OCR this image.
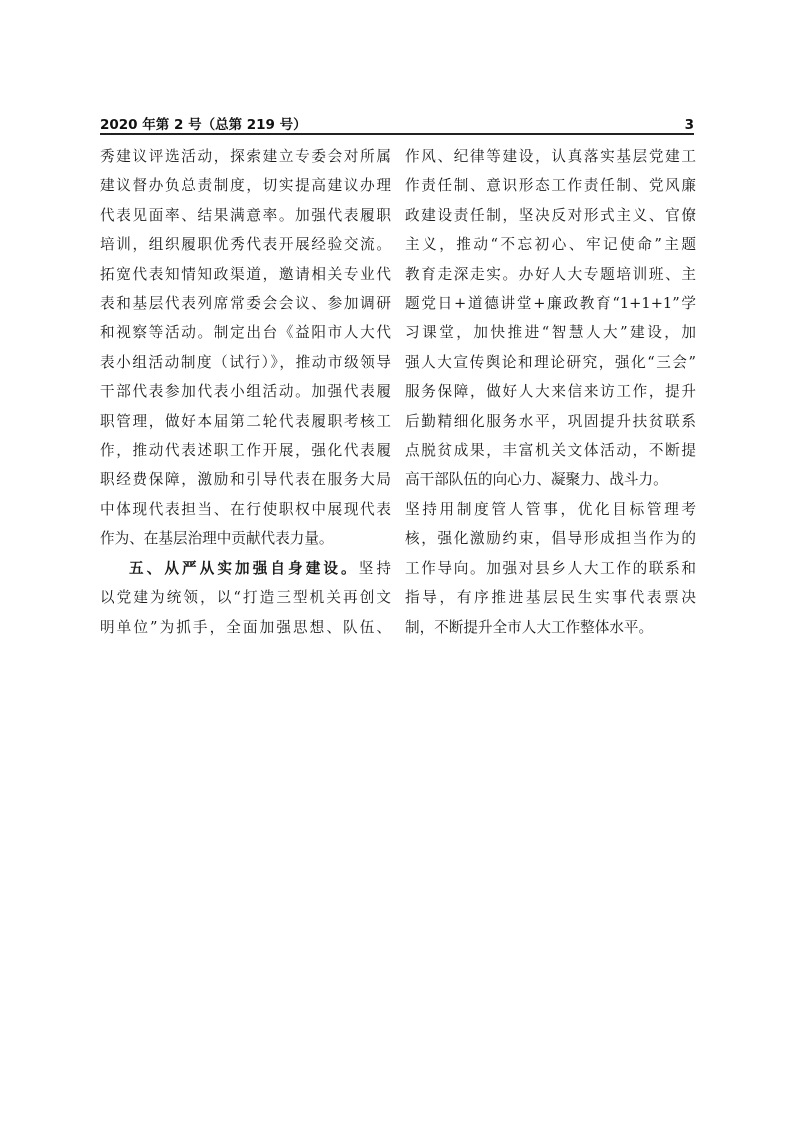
2020 年第 2 号（总第 219 号）	3

秀建议评选活动，探索建立专委会对所属
建议督办负总责制度，切实提高建议办理
代表见面率、结果满意率。加强代表履职
培训，组织履职优秀代表开展经验交流。
拓宽代表知情知政渠道，邀请相关专业代
表和基层代表列席常委会会议、参加调研
和视察等活动。制定出台《益阳市人大代
表小组活动制度（试行）》，推动市级领导
干部代表参加代表小组活动。加强代表履
职管理，做好本届第二轮代表履职考核工
作，推动代表述职工作开展，强化代表履
职经费保障，激励和引导代表在服务大局
中体现代表担当、在行使职权中展现代表
作为、在基层治理中贡献代表力量。

五、从严从实加强自身建设。坚持
以党建为统领，以“打造三型机关再创文
明单位”为抓手，全面加强思想、队伍、

作风、纪律等建设，认真落实基层党建工
作责任制、意识形态工作责任制、党风廉
政建设责任制，坚决反对形式主义、官僚
主义，推动“不忘初心、牢记使命”主题
教育走深走实。办好人大专题培训班、主
题党日+道德讲堂+廉政教育“1+1+1”学
习课堂，加快推进“智慧人大”建设，加
强人大宣传舆论和理论研究，强化“三会”
服务保障，做好人大来信来访工作，提升
后勤精细化服务水平，巩固提升扶贫联系
点脱贫成果，丰富机关文体活动，不断提
高干部队伍的向心力、凝聚力、战斗力。
坚持用制度管人管事，优化目标管理考
核，强化激励约束，倡导形成担当作为的
工作导向。加强对县乡人大工作的联系和
指导，有序推进基层民生实事代表票决
制，不断提升全市人大工作整体水平。
